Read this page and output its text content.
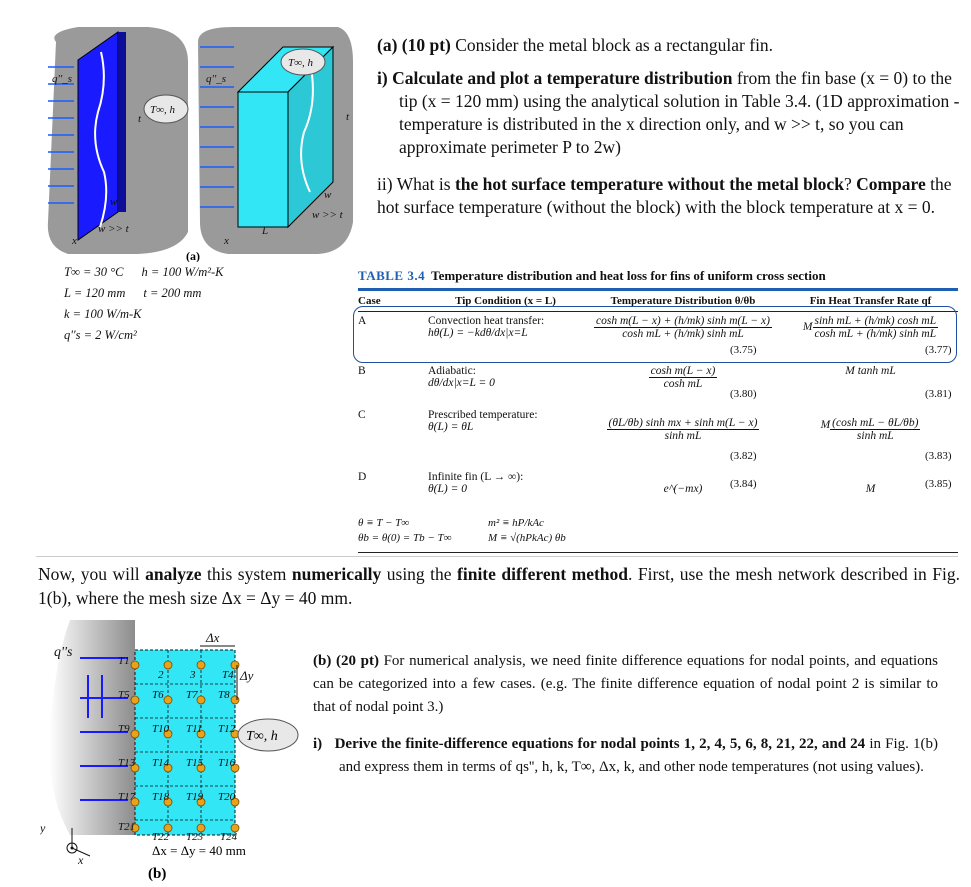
q''_s
T∞, h
t
w
w >> t
x
q''_s
T∞, h
t
w
w >> t
L
x
(a)
T∞ = 30 °C h = 100 W/m²-K
L = 120 mm t = 200 mm
k = 100 W/m-K
q''s = 2 W/cm²

(a) (10 pt) Consider the metal block as a rectangular fin.

i) Calculate and plot a temperature distribution from the fin base (x = 0) to the tip (x = 120 mm) using the analytical solution in Table 3.4. (1D approximation - temperature is distributed in the x direction only, and w >> t, so you can approximate perimeter P to 2w)

ii) What is the hot surface temperature without the metal block? Compare the hot surface temperature (without the block) with the block temperature at x = 0.

TABLE 3.4 Temperature distribution and heat loss for fins of uniform cross section
Case	Tip Condition (x = L)	Temperature Distribution θ/θb	Fin Heat Transfer Rate qf
A	Convection heat transfer:
hθ(L) = −kdθ/dx|x=L	$\frac{\text{cosh m(L − x) + (h/mk) sinh m(L − x)}}{\text{cosh mL + (h/mk) sinh mL}}$	M $\frac{\text{sinh mL + (h/mk) cosh mL}}{\text{cosh mL + (h/mk) sinh mL}}$
(3.75)	(3.77)
B	Adiabatic:
dθ/dx|x=L = 0	$\frac{\text{cosh m(L − x)}}{\text{cosh mL}}$	M tanh mL
(3.80)	(3.81)
C	Prescribed temperature:
θ(L) = θL	$\frac{\text{(θL/θb) sinh mx + sinh m(L − x)}}{\text{sinh mL}}$	M $\frac{\text{(cosh mL − θL/θb)}}{\text{sinh mL}}$
(3.82)	(3.83)
D	Infinite fin (L → ∞):
θ(L) = 0	e^(−mx)	M
(3.84)	(3.85)
θ ≡ T − T∞	m² ≡ hP/kAc
θb = θ(0) = Tb − T∞	M ≡ √(hPkAc) θb
Now, you will analyze this system numerically using the finite different method. First, use the mesh network described in Fig. 1(b), where the mesh size Δx = Δy = 40 mm.
T1
2 3 T4
T5 T6 T7 T8
T9 T10 T11 T12
T13 T14 T15 T16
T17 T18 T19 T20
T21
T22 T23 T24
q''s
Δx
Δy
y
x
T∞, h
Δx = Δy = 40 mm
(b)

(b) (20 pt) For numerical analysis, we need finite difference equations for nodal points, and equations can be categorized into a few cases. (e.g. The finite difference equation of nodal point 2 is similar to that of nodal point 3.)

i) Derive the finite-difference equations for nodal points 1, 2, 4, 5, 6, 8, 21, 22, and 24 in Fig. 1(b) and express them in terms of qs'', h, k, T∞, Δx, k, and other node temperatures (not using values).
